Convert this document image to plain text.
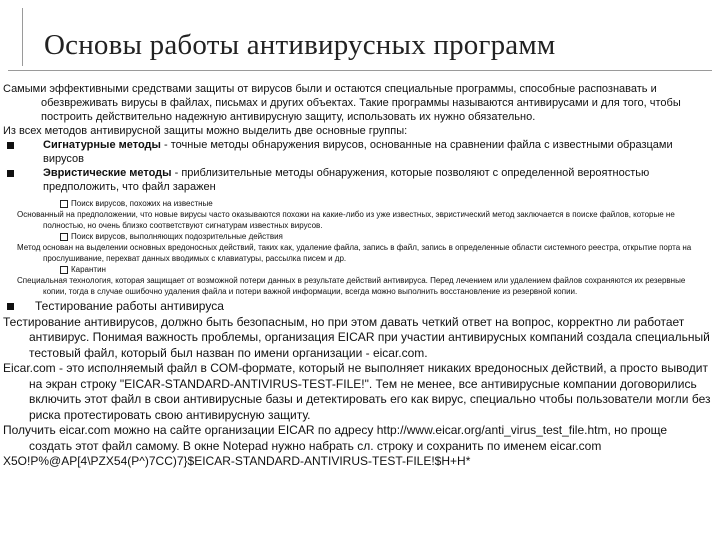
Основы работы антивирусных программ

Самыми эффективными средствами защиты от вирусов были и остаются специальные программы, способные распознавать и обезвреживать вирусы в файлах, письмах и других объектах. Такие программы называются антивирусами и для того, чтобы построить действительно надежную антивирусную защиту, использовать их нужно обязательно.

Из всех методов антивирусной защиты можно выделить две основные группы:

Сигнатурные методы - точные методы обнаружения вирусов, основанные на сравнении файла с известными образцами вирусов

Эвристические методы - приблизительные методы обнаружения, которые позволяют с определенной вероятностью предположить, что файл заражен

Поиск вирусов, похожих на известные

Основанный на предположении, что новые вирусы часто оказываются похожи на какие-либо из уже известных, эвристический метод заключается в поиске файлов, которые не полностью, но очень близко соответствуют сигнатурам известных вирусов.

Поиск вирусов, выполняющих подозрительные действия

Метод основан на выделении основных вредоносных действий, таких как, удаление файла, запись в файл, запись в определенные области системного реестра, открытие порта на прослушивание, перехват данных вводимых с клавиатуры, рассылка писем и др.

Карантин

Специальная технология, которая защищает от возможной потери данных в результате действий антивируса. Перед лечением или удалением файлов сохраняются их резервные копии, тогда в случае ошибочно удаления файла и потери важной информации, всегда можно выполнить восстановление из резервной копии.

Тестирование работы антивируса

Тестирование антивирусов, должно быть безопасным, но при этом давать четкий ответ на вопрос, корректно ли работает антивирус. Понимая важность проблемы, организация EICAR при участии антивирусных компаний создала специальный тестовый файл, который был назван по имени организации - eicar.com.

Eicar.com - это исполняемый файл в COM-формате, который не выполняет никаких вредоносных действий, а просто выводит на экран строку "EICAR-STANDARD-ANTIVIRUS-TEST-FILE!". Тем не менее, все антивирусные компании договорились включить этот файл в свои антивирусные базы и детектировать его как вирус, специально чтобы пользователи могли без риска протестировать свою антивирусную защиту.

Получить eicar.com можно на сайте организации EICAR по адресу http://www.eicar.org/anti_virus_test_file.htm, но проще создать этот файл самому. В окне Notepad нужно набрать сл. строку и сохранить по именем eicar.com

X5O!P%@AP[4\PZX54(P^)7CC)7}$EICAR-STANDARD-ANTIVIRUS-TEST-FILE!$H+H*
